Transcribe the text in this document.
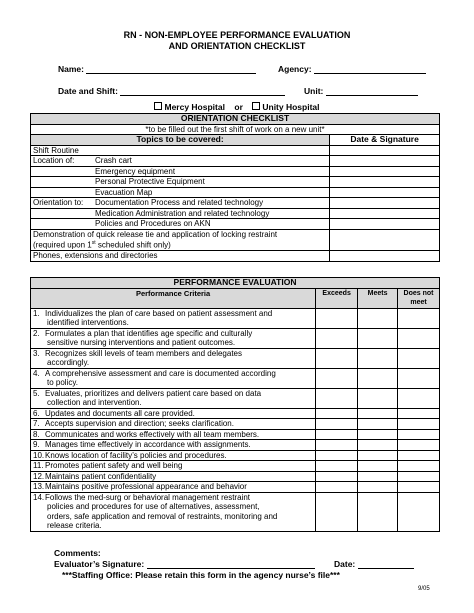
RN - NON-EMPLOYEE PERFORMANCE EVALUATION
AND ORIENTATION CHECKLIST
Name:	Agency:
Date and Shift:	Unit:
Mercy Hospital or Unity Hospital
ORIENTATION CHECKLIST	
*to be filled out the first shift of work on a new unit*	
Topics to be covered:	Date & Signature
Shift Routine	
Location of: Crash cart	
Emergency equipment	
Personal Protective Equipment	
Evacuation Map	
Orientation to: Documentation Process and related technology	
Medication Administration and related technology	
Policies and Procedures on AKN	

Demonstration of quick release tie and application of locking restraint
(required upon 1st scheduled shift only)	

Phones, extensions and directories	
PERFORMANCE EVALUATION			
Performance Criteria	Exceeds	Meets	Does not
meet

1. Individualizes the plan of care based on patient assessment and
identified interventions.			

2. Formulates a plan that identifies age specific and culturally
sensitive nursing interventions and patient outcomes.			

3. Recognizes skill levels of team members and delegates
accordingly.			

4. A comprehensive assessment and care is documented according
to policy.			

5. Evaluates, prioritizes and delivers patient care based on data
collection and intervention.			

6. Updates and documents all care provided.			

7. Accepts supervision and direction; seeks clarification.			

8. Communicates and works effectively with all team members.			

9. Manages time effectively in accordance with assignments.			

10.Knows location of facility’s policies and procedures.			

11.Promotes patient safety and well being			

12.Maintains patient confidentiality			

13.Maintains positive professional appearance and behavior			

14.Follows the med-surg or behavioral management restraint
policies and procedures for use of alternatives, assessment,
orders, safe application and removal of restraints, monitoring and
release criteria.			

Comments:
Evaluator’s Signature:	Date:
***Staffing Office: Please retain this form in the agency nurse’s file***
9/05
